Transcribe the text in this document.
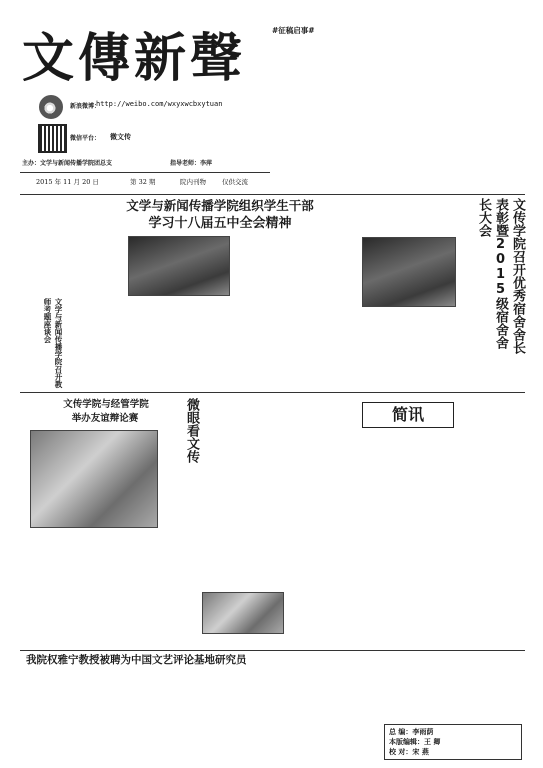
文傳新聲
新浪微博：
http://weibo.com/wxyxwcbxytuan
微信平台： 微文传
主办：文学与新闻传播学院团总支	指导老师：李萍
2015 年 11 月 20 日	第 32 期	院内刊物 仅供交流
#征稿启事#
文学与新闻传播学院组织学生干部
学习十八届五中全会精神
文学与新闻传播学院召开教师考题座谈会	文传学院召开优秀宿舍舍长表彰暨2015级宿舍舍长大会
文传学院与经管学院
举办友谊辩论赛	微眼看文传	简讯
我院权雅宁教授被聘为中国文艺评论基地研究员
总 编：李雨荫
本版编辑：王 卿
校 对：宋 燕
